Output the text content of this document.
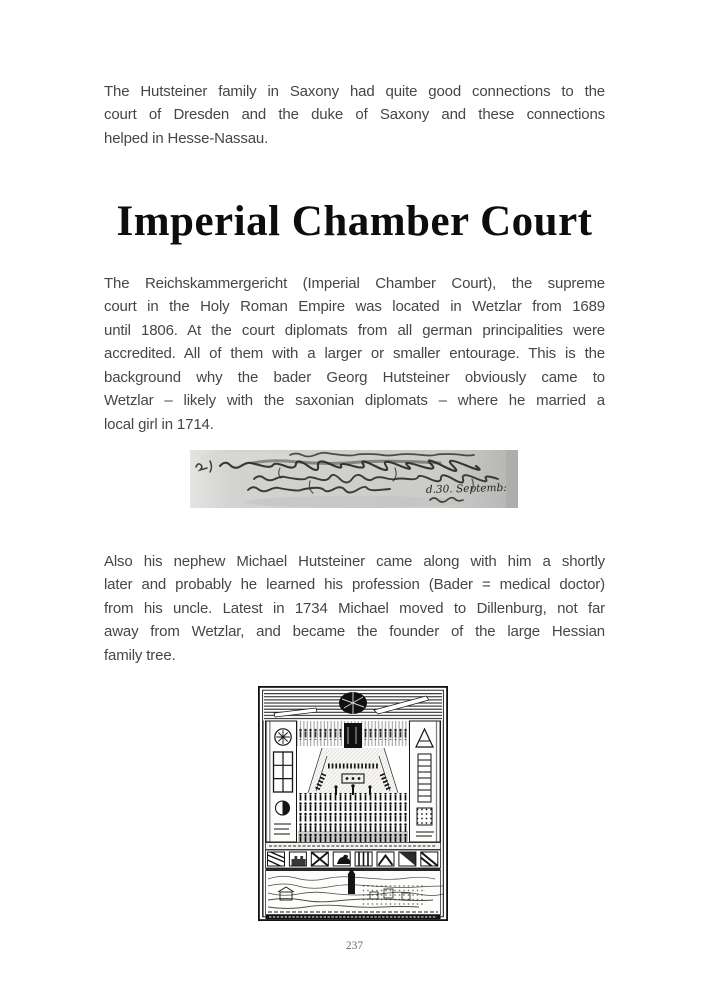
The Hutsteiner family in Saxony had quite good connections to the
court of Dresden and the duke of Saxony and these connections
helped in Hesse-Nassau.
Imperial Chamber Court
The Reichskammergericht (Imperial Chamber Court), the supreme
court in the Holy Roman Empire was located in Wetzlar from 1689
until 1806. At the court diplomats from all german principalities were
accredited. All of them with a larger or smaller entourage. This is the
background why the bader Georg Hutsteiner obviously came to
Wetzlar – likely with the saxonian diplomats – where he married a
local girl in 1714.
d.30. Septemb:
Also his nephew Michael Hutsteiner came along with him a shortly
later and probably he learned his profession (Bader = medical doctor)
from his uncle. Latest in 1734 Michael moved to Dillenburg, not far
away from Wetzlar, and became the founder of the large Hessian
family tree.
237
